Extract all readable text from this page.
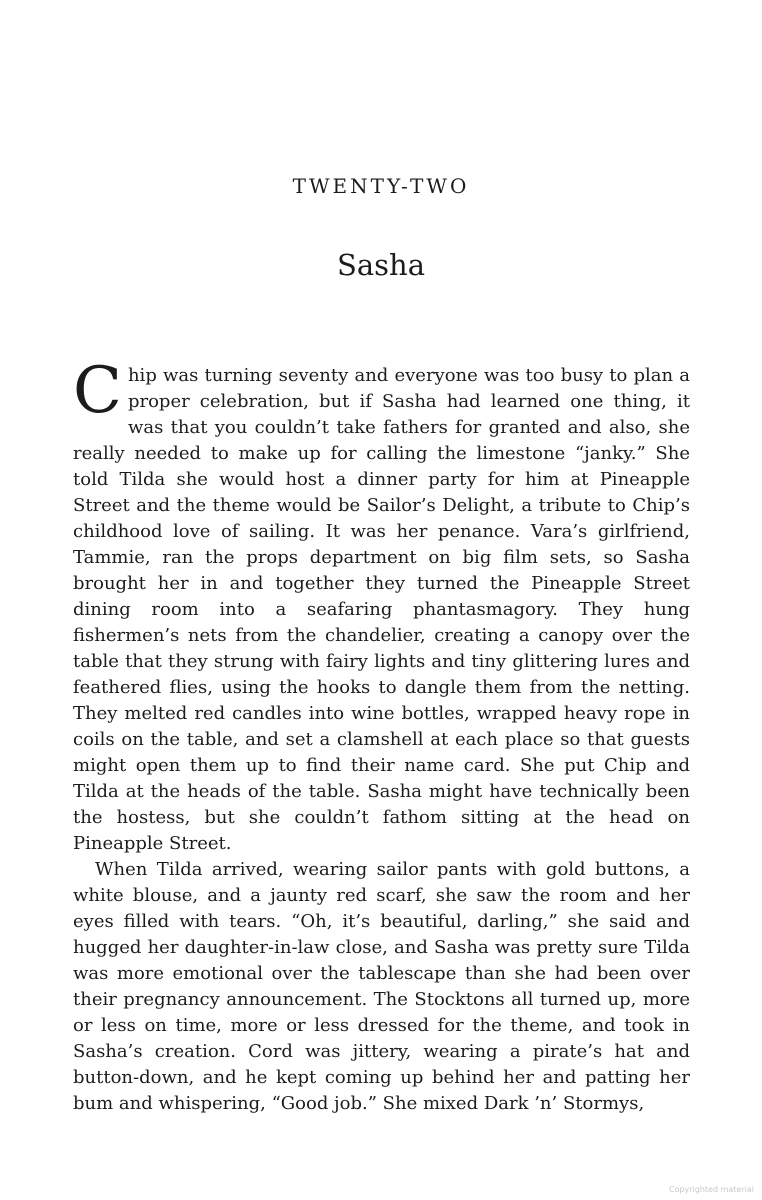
TWENTY-TWO
Sasha

Chip was turning seventy and everyone was too busy to plan a proper celebration, but if Sasha had learned one thing, it was that you couldn’t take fathers for granted and also, she really needed to make up for calling the limestone “janky.” She told Tilda she would host a dinner party for him at Pineapple Street and the theme would be Sailor’s Delight, a tribute to Chip’s childhood love of sailing. It was her penance. Vara’s girlfriend, Tammie, ran the props department on big film sets, so Sasha brought her in and together they turned the Pineapple Street dining room into a seafaring phantasmagory. They hung fishermen’s nets from the chandelier, creating a canopy over the table that they strung with fairy lights and tiny glittering lures and feathered flies, using the hooks to dangle them from the netting. They melted red candles into wine bottles, wrapped heavy rope in coils on the table, and set a clamshell at each place so that guests might open them up to find their name card. She put Chip and Tilda at the heads of the table. Sasha might have technically been the hostess, but she couldn’t fathom sitting at the head on Pineapple Street.

When Tilda arrived, wearing sailor pants with gold buttons, a white blouse, and a jaunty red scarf, she saw the room and her eyes filled with tears. “Oh, it’s beautiful, darling,” she said and hugged her daughter-in-law close, and Sasha was pretty sure Tilda was more emotional over the tablescape than she had been over their pregnancy announcement. The Stocktons all turned up, more or less on time, more or less dressed for the theme, and took in Sasha’s creation. Cord was jittery, wearing a pirate’s hat and button-down, and he kept coming up behind her and patting her bum and whispering, “Good job.” She mixed Dark ’n’ Stormys,

Copyrighted material
